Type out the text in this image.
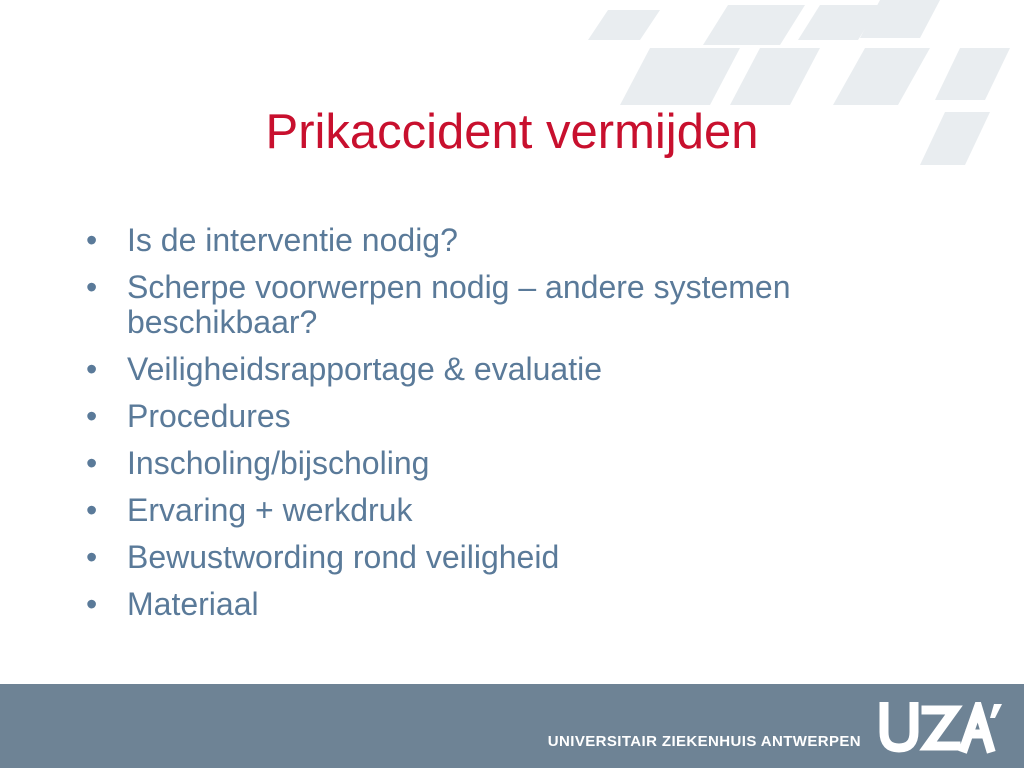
Prikaccident vermijden
• Is de interventie nodig?
• Scherpe voorwerpen nodig – andere systemen beschikbaar?
• Veiligheidsrapportage & evaluatie
• Procedures
• Inscholing/bijscholing
• Ervaring + werkdruk
• Bewustwording rond veiligheid
• Materiaal
UNIVERSITAIR ZIEKENHUIS ANTWERPEN
